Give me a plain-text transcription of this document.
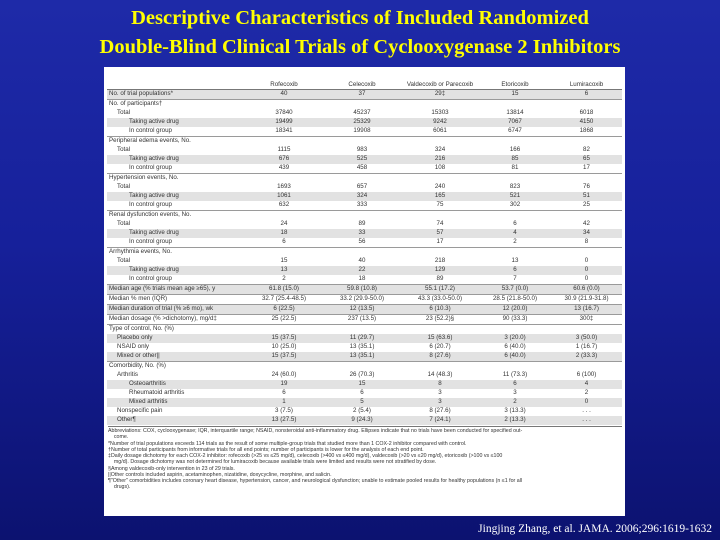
Descriptive Characteristics of Included Randomized
Double-Blind Clinical Trials of Cyclooxygenase 2 Inhibitors
	Rofecoxib	Celecoxib	Valdecoxib or Parecoxib	Etoricoxib	Lumiracoxib
No. of trial populations*	40	37	29‡	15	6
No. of participants†					
Total	37840	45237	15303	13814	6018
Taking active drug	19499	25329	9242	7067	4150
In control group	18341	19908	6061	6747	1868
Peripheral edema events, No.					
Total	1115	983	324	166	82
Taking active drug	676	525	216	85	65
In control group	439	458	108	81	17
Hypertension events, No.					
Total	1693	657	240	823	76
Taking active drug	1061	324	165	521	51
In control group	632	333	75	302	25
Renal dysfunction events, No.					
Total	24	89	74	6	42
Taking active drug	18	33	57	4	34
In control group	6	56	17	2	8
Arrhythmia events, No.					
Total	15	40	218	13	0
Taking active drug	13	22	129	6	0
In control group	2	18	89	7	0
Median age (% trials mean age ≥65), y	61.8 (15.0)	59.8 (10.8)	55.1 (17.2)	53.7 (0.0)	60.6 (0.0)
Median % men (IQR)	32.7 (25.4-48.5)	33.2 (29.9-50.0)	43.3 (33.0-50.0)	28.5 (21.8-50.0)	30.9 (21.9-31.8)
Median duration of trial (% ≥6 mo), wk	6 (22.5)	12 (13.5)	6 (10.3)	12 (20.0)	13 (16.7)
Median dosage (% >dichotomy), mg/d‡	25 (22.5)	237 (13.5)	23 (52.2)§	90 (33.3)	300‡
Type of control, No. (%)					
Placebo only	15 (37.5)	11 (29.7)	15 (63.6)	3 (20.0)	3 (50.0)
NSAID only	10 (25.0)	13 (35.1)	6 (20.7)	6 (40.0)	1 (16.7)
Mixed or other||	15 (37.5)	13 (35.1)	8 (27.6)	6 (40.0)	2 (33.3)
Comorbidity, No. (%)					
Arthritis	24 (60.0)	26 (70.3)	14 (48.3)	11 (73.3)	6 (100)
Osteoarthritis	19	15	8	6	4
Rheumatoid arthritis	6	6	3	3	2
Mixed arthritis	1	5	3	2	0
Nonspecific pain	3 (7.5)	2 (5.4)	8 (27.6)	3 (13.3)	. . .
Other¶	13 (27.5)	9 (24.3)	7 (24.1)	2 (13.3)	. . .
Abbreviations: COX, cyclooxygenase; IQR, interquartile range; NSAID, nonsteroidal anti-inflammatory drug. Ellipses indicate that no trials have been conducted for specified out-
come.
*Number of trial populations exceeds 114 trials as the result of some multiple-group trials that studied more than 1 COX-2 inhibitor compared with control.
†Number of total participants from informative trials for all end points; number of participants is lower for the analysis of each end point.
‡Daily dosage dichotomy for each COX-2 inhibitor: rofecoxib (>25 vs ≤25 mg/d), celecoxib (>400 vs ≤400 mg/d), valdecoxib (>20 vs ≤20 mg/d), etoricoxib (>100 vs ≤100
mg/d). Dosage dichotomy was not determined for lumiracoxib because available trials were limited and results were not stratified by dose.
§Among valdecoxib-only intervention in 23 of 29 trials.
||Other controls included aspirin, acetaminophen, nizatidine, doxycycline, morphine, and salicin.
¶"Other" comorbidities includes coronary heart disease, hypertension, cancer, and neurological dysfunction; unable to estimate pooled results for healthy populations (n ≤1 for all
drugs).
Jingjing Zhang, et al. JAMA. 2006;296:1619-1632
